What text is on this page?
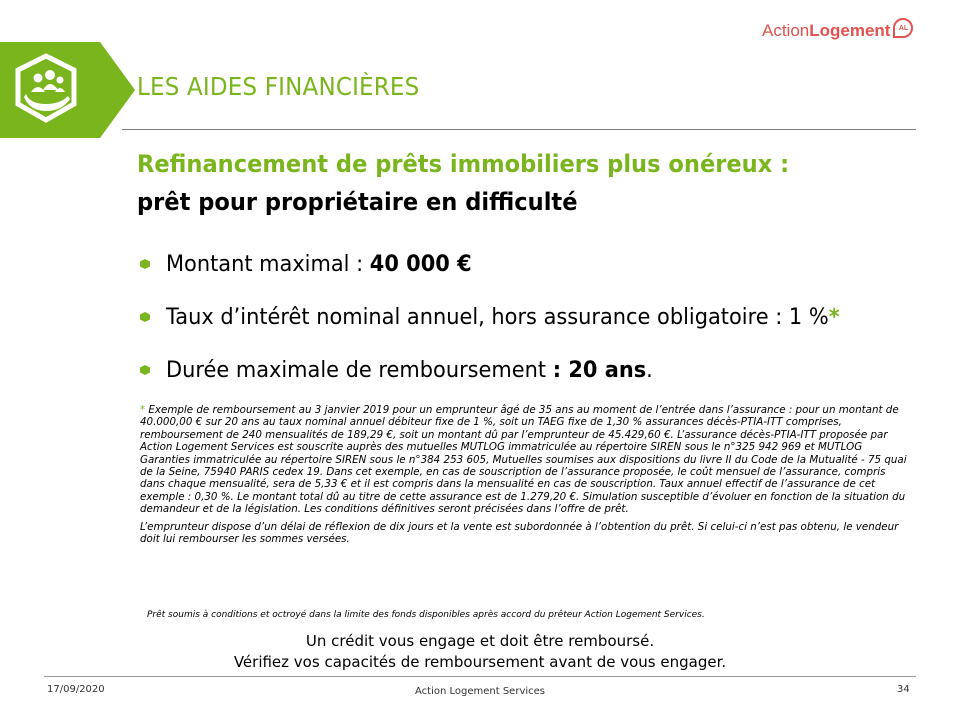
Action Logement	AL
LES AIDES FINANCIÈRES
Refinancement de prêts immobiliers plus onéreux :
prêt pour propriétaire en difficulté
Montant maximal : 40 000 €
Taux d’intérêt nominal annuel, hors assurance obligatoire : 1 %*
Durée maximale de remboursement : 20 ans.

* Exemple de remboursement au 3 janvier 2019 pour un emprunteur âgé de 35 ans au moment de l’entrée dans l’assurance : pour un montant de 40.000,00 € sur 20 ans au taux nominal annuel débiteur fixe de 1 %, soit un TAEG fixe de 1,30 % assurances décès-PTIA-ITT comprises, remboursement de 240 mensualités de 189,29 €, soit un montant dû par l’emprunteur de 45.429,60 €. L’assurance décès-PTIA-ITT proposée par Action Logement Services est souscrite auprès des mutuelles MUTLOG immatriculée au répertoire SIREN sous le n°325 942 969 et MUTLOG Garanties immatriculée au répertoire SIREN sous le n°384 253 605, Mutuelles soumises aux dispositions du livre II du Code de la Mutualité - 75 quai de la Seine, 75940 PARIS cedex 19. Dans cet exemple, en cas de souscription de l’assurance proposée, le coût mensuel de l’assurance, compris dans chaque mensualité, sera de 5,33 € et il est compris dans la mensualité en cas de souscription. Taux annuel effectif de l’assurance de cet exemple : 0,30 %. Le montant total dû au titre de cette assurance est de 1.279,20 €. Simulation susceptible d’évoluer en fonction de la situation du demandeur et de la législation. Les conditions définitives seront précisées dans l’offre de prêt.

L’emprunteur dispose d’un délai de réflexion de dix jours et la vente est subordonnée à l’obtention du prêt. Si celui-ci n’est pas obtenu, le vendeur doit lui rembourser les sommes versées.

Prêt soumis à conditions et octroyé dans la limite des fonds disponibles après accord du prêteur Action Logement Services.
Un crédit vous engage et doit être remboursé.
Vérifiez vos capacités de remboursement avant de vous engager.
17/09/2020	Action Logement Services	34
